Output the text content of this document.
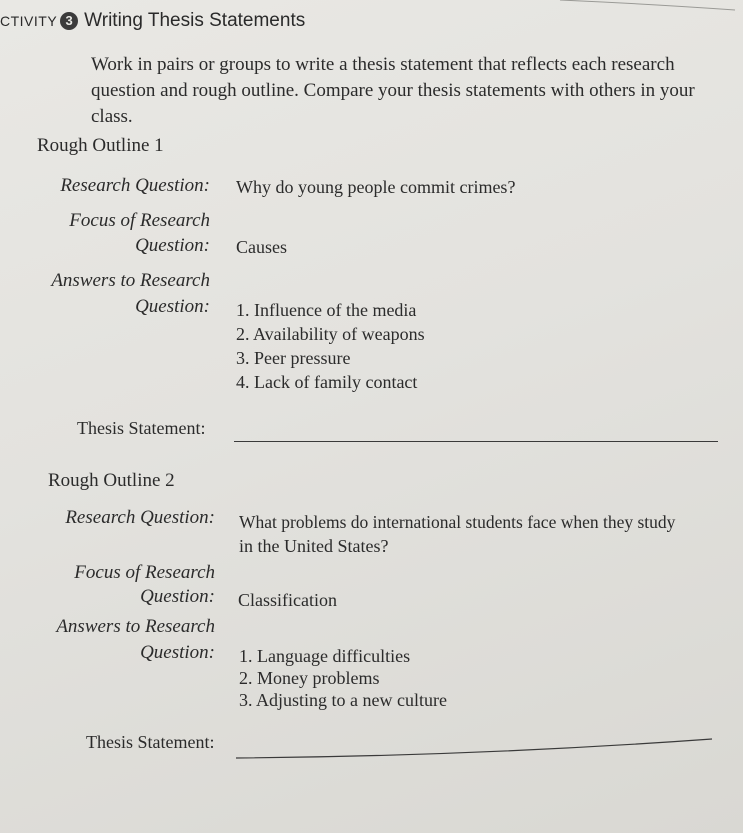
CTIVITY 3 Writing Thesis Statements
Work in pairs or groups to write a thesis statement that reflects each research question and rough outline. Compare your thesis statements with others in your class.
Rough Outline 1
Research Question: Why do young people commit crimes?
Focus of Research
Question: Causes
Answers to Research
Question: 1. Influence of the media
2. Availability of weapons
3. Peer pressure
4. Lack of family contact
Thesis Statement:
Rough Outline 2
Research Question: What problems do international students face when they study
in the United States?
Focus of Research
Question: Classification
Answers to Research
Question: 1. Language difficulties
2. Money problems
3. Adjusting to a new culture
Thesis Statement:
